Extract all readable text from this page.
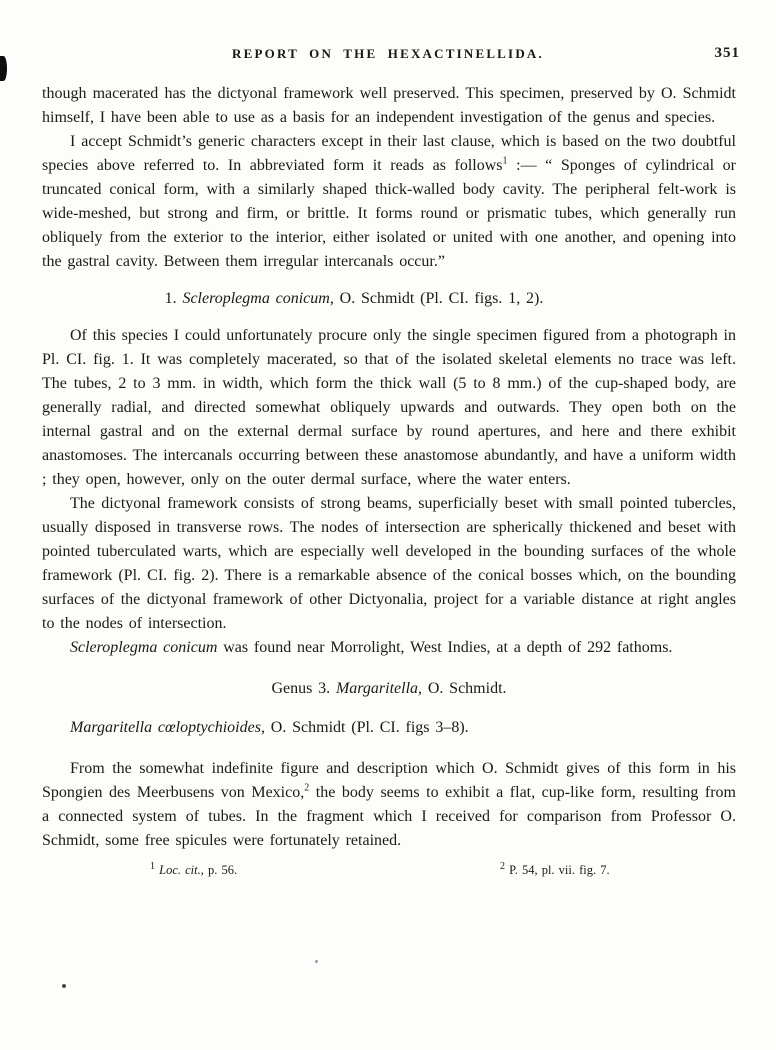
REPORT ON THE HEXACTINELLIDA.	351

though macerated has the dictyonal framework well preserved. This specimen, preserved by O. Schmidt himself, I have been able to use as a basis for an independent investigation of the genus and species.

I accept Schmidt’s generic characters except in their last clause, which is based on the two doubtful species above referred to. In abbreviated form it reads as follows$^1$ :— “ Sponges of cylindrical or truncated conical form, with a similarly shaped thick-walled body cavity. The peripheral felt-work is wide-meshed, but strong and firm, or brittle. It forms round or prismatic tubes, which generally run obliquely from the exterior to the interior, either isolated or united with one another, and opening into the gastral cavity. Between them irregular intercanals occur.”

1. Scleroplegma conicum, O. Schmidt (Pl. CI. figs. 1, 2).

Of this species I could unfortunately procure only the single specimen figured from a photograph in Pl. CI. fig. 1. It was completely macerated, so that of the isolated skeletal elements no trace was left. The tubes, 2 to 3 mm. in width, which form the thick wall (5 to 8 mm.) of the cup-shaped body, are generally radial, and directed somewhat obliquely upwards and outwards. They open both on the internal gastral and on the external dermal surface by round apertures, and here and there exhibit anastomoses. The intercanals occurring between these anastomose abundantly, and have a uniform width ; they open, however, only on the outer dermal surface, where the water enters.

The dictyonal framework consists of strong beams, superficially beset with small pointed tubercles, usually disposed in transverse rows. The nodes of intersection are spherically thickened and beset with pointed tuberculated warts, which are especially well developed in the bounding surfaces of the whole framework (Pl. CI. fig. 2). There is a remarkable absence of the conical bosses which, on the bounding surfaces of the dictyonal framework of other Dictyonalia, project for a variable distance at right angles to the nodes of intersection.

Scleroplegma conicum was found near Morrolight, West Indies, at a depth of 292 fathoms.

Genus 3. Margaritella, O. Schmidt.
Margaritella cœloptychioides, O. Schmidt (Pl. CI. figs 3–8).

From the somewhat indefinite figure and description which O. Schmidt gives of this form in his Spongien des Meerbusens von Mexico,$^2$ the body seems to exhibit a flat, cup-like form, resulting from a connected system of tubes. In the fragment which I received for comparison from Professor O. Schmidt, some free spicules were fortunately retained.

$^1$ Loc. cit., p. 56.	$^2$ P. 54, pl. vii. fig. 7.
